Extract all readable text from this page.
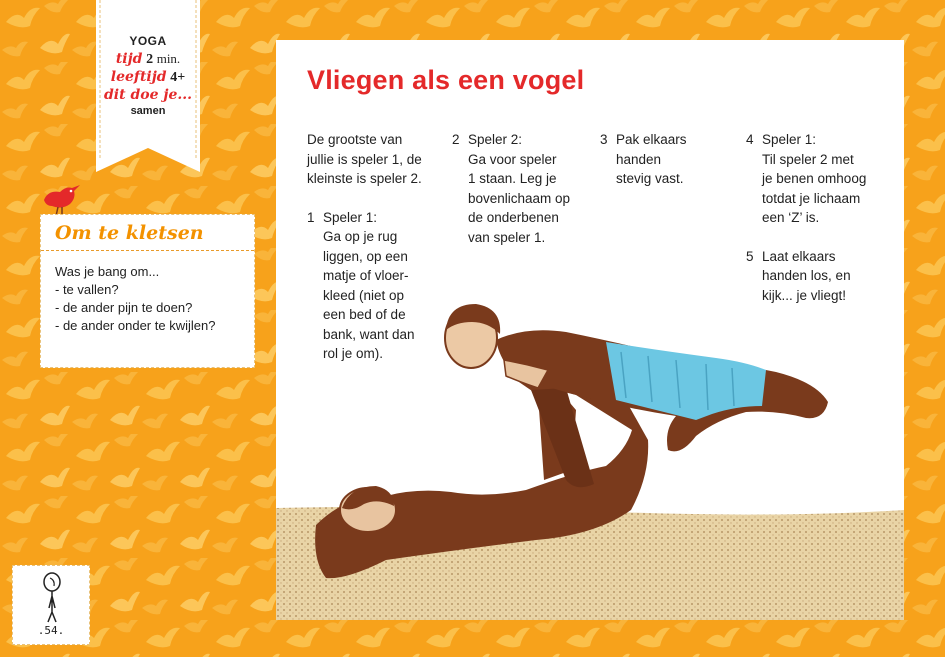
YOGA
tijd 2 min.
leeftijd 4+
dit doe je...
samen
Om te kletsen
Was je bang om...
- te vallen?
- de ander pijn te doen?
- de ander onder te kwijlen?
Vliegen als een vogel

De grootste van

jullie is speler 1, de

kleinste is speler 2.

1 Speler 1:

Ga op je rug

liggen, op een

matje of vloer-

kleed (niet op

een bed of de

bank, want dan

rol je om).

2 Speler 2:

Ga voor speler

1 staan. Leg je

bovenlichaam op

de onderbenen

van speler 1.

3 Pak elkaars

handen

stevig vast.

4 Speler 1:

Til speler 2 met

je benen omhoog

totdat je lichaam

een ‘Z’ is.

5 Laat elkaars

handen los, en

kijk... je vliegt!

.54.
